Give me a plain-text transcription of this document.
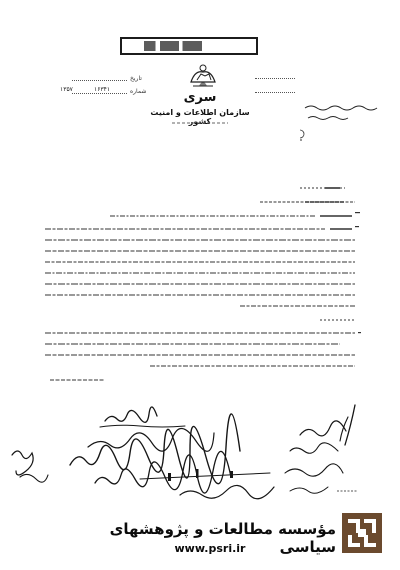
سری
سازمان اطلاعات و امنیت کشور
تاریخ
۱۳۵۷	شماره
۱۶۳۴۱
مؤسسه مطالعات و پژوهشهای سیاسی
www.psri.ir
